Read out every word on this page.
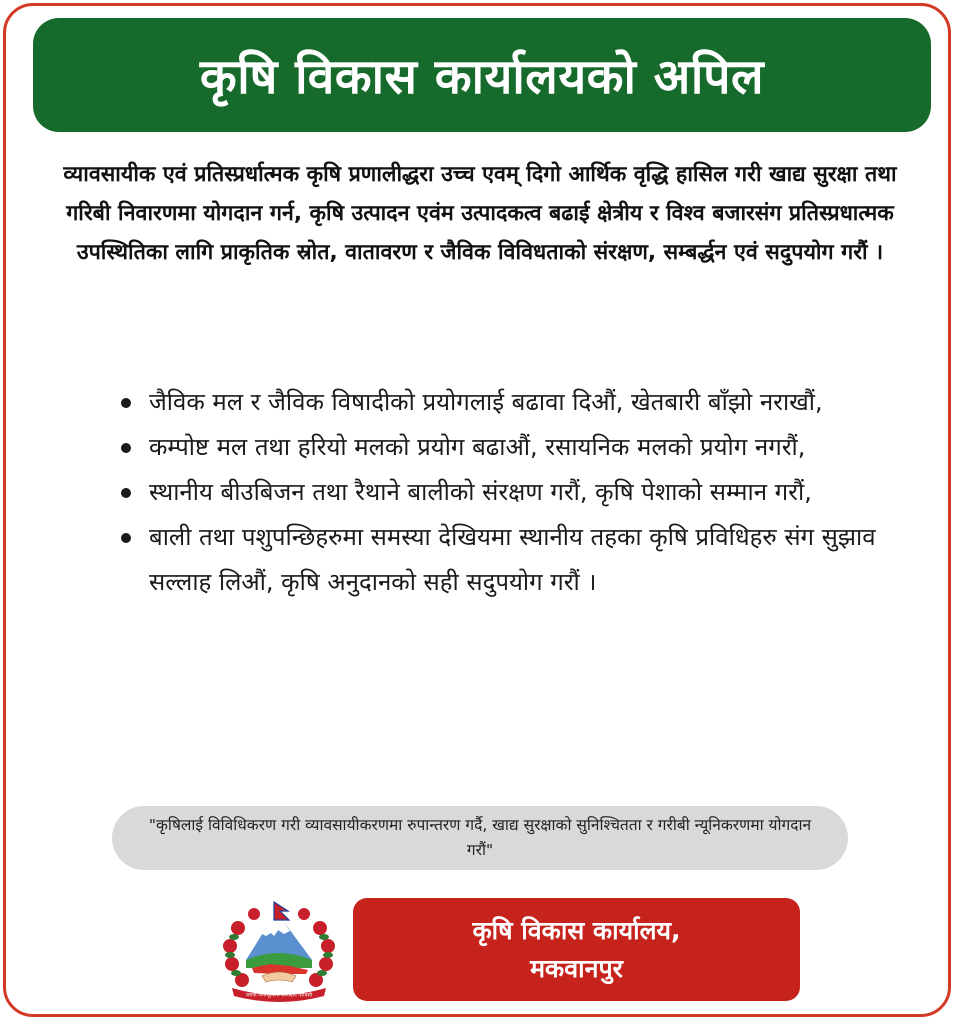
कृषि विकास कार्यालयको अपिल

व्यावसायीक एवं प्रतिस्प्रर्धात्मक कृषि प्रणालीद्धरा उच्च एवम् दिगो आर्थिक वृद्धि हासिल गरी खाद्य सुरक्षा तथा गरिबी निवारणमा योगदान गर्न, कृषि उत्पादन एवंम उत्पादकत्व बढाई क्षेत्रीय र विश्व बजारसंग प्रतिस्प्रधात्मक उपस्थितिका लागि प्राकृतिक स्रोत, वातावरण र जैविक विविधताको संरक्षण, सम्बर्द्धन एवं सदुपयोग गरौं ।

जैविक मल र जैविक विषादीको प्रयोगलाई बढावा दिऔं, खेतबारी बाँझो नराखौं,
कम्पोष्ट मल तथा हरियो मलको प्रयोग बढाऔं, रसायनिक मलको प्रयोग नगरौं,
स्थानीय बीउबिजन तथा रैथाने बालीको संरक्षण गरौं, कृषि पेशाको सम्मान गरौं,
बाली तथा पशुपन्छिहरुमा समस्या देखियमा स्थानीय तहका कृषि प्रविधिहरु संग सुझाव सल्लाह लिऔं, कृषि अनुदानको सही सदुपयोग गरौं ।
"कृषिलाई विविधिकरण गरी व्यावसायीकरणमा रुपान्तरण गर्दै, खाद्य सुरक्षाको सुनिश्चितता र गरीबी न्यूनिकरणमा योगदान गरौं"
जननी जन्मभूमिश्च स्वर्गादपि गरीयसी
कृषि विकास कार्यालय,
मकवानपुर
